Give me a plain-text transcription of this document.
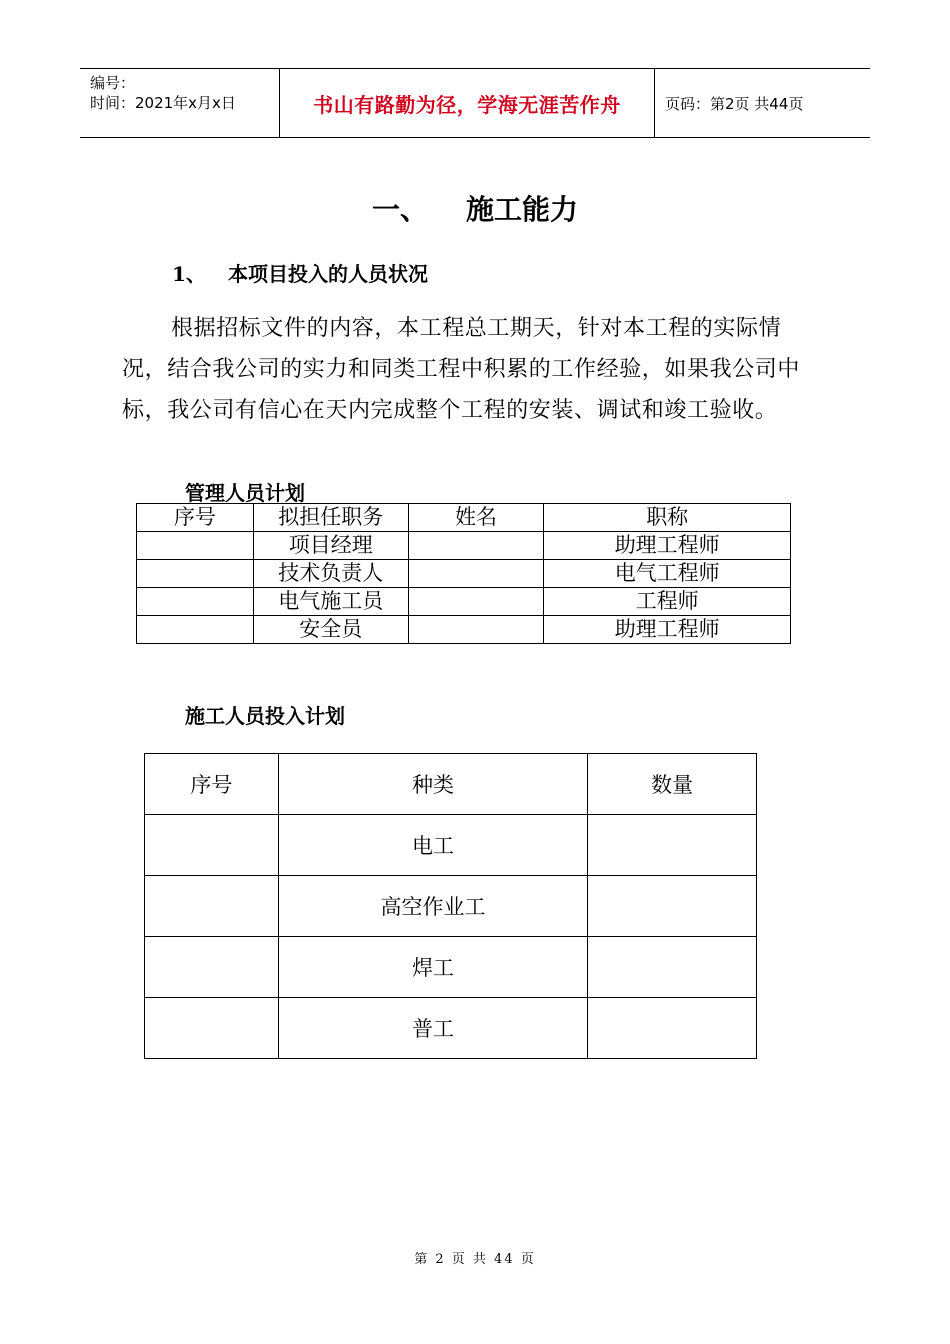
编号：
时间：2021年x月x日	书山有路勤为径，学海无涯苦作舟	页码：第2页 共44页
一、 施工能力
1、 本项目投入的人员状况
根据招标文件的内容，本工程总工期天，针对本工程的实际情况，结合我公司的实力和同类工程中积累的工作经验，如果我公司中标，我公司有信心在天内完成整个工程的安装、调试和竣工验收。
管理人员计划
序号	拟担任职务	姓名	职称
	项目经理		助理工程师
	技术负责人		电气工程师
	电气施工员		工程师
	安全员		助理工程师
施工人员投入计划
序号	种类	数量
	电工	
	高空作业工	
	焊工	
	普工	
第 2 页 共 44 页
